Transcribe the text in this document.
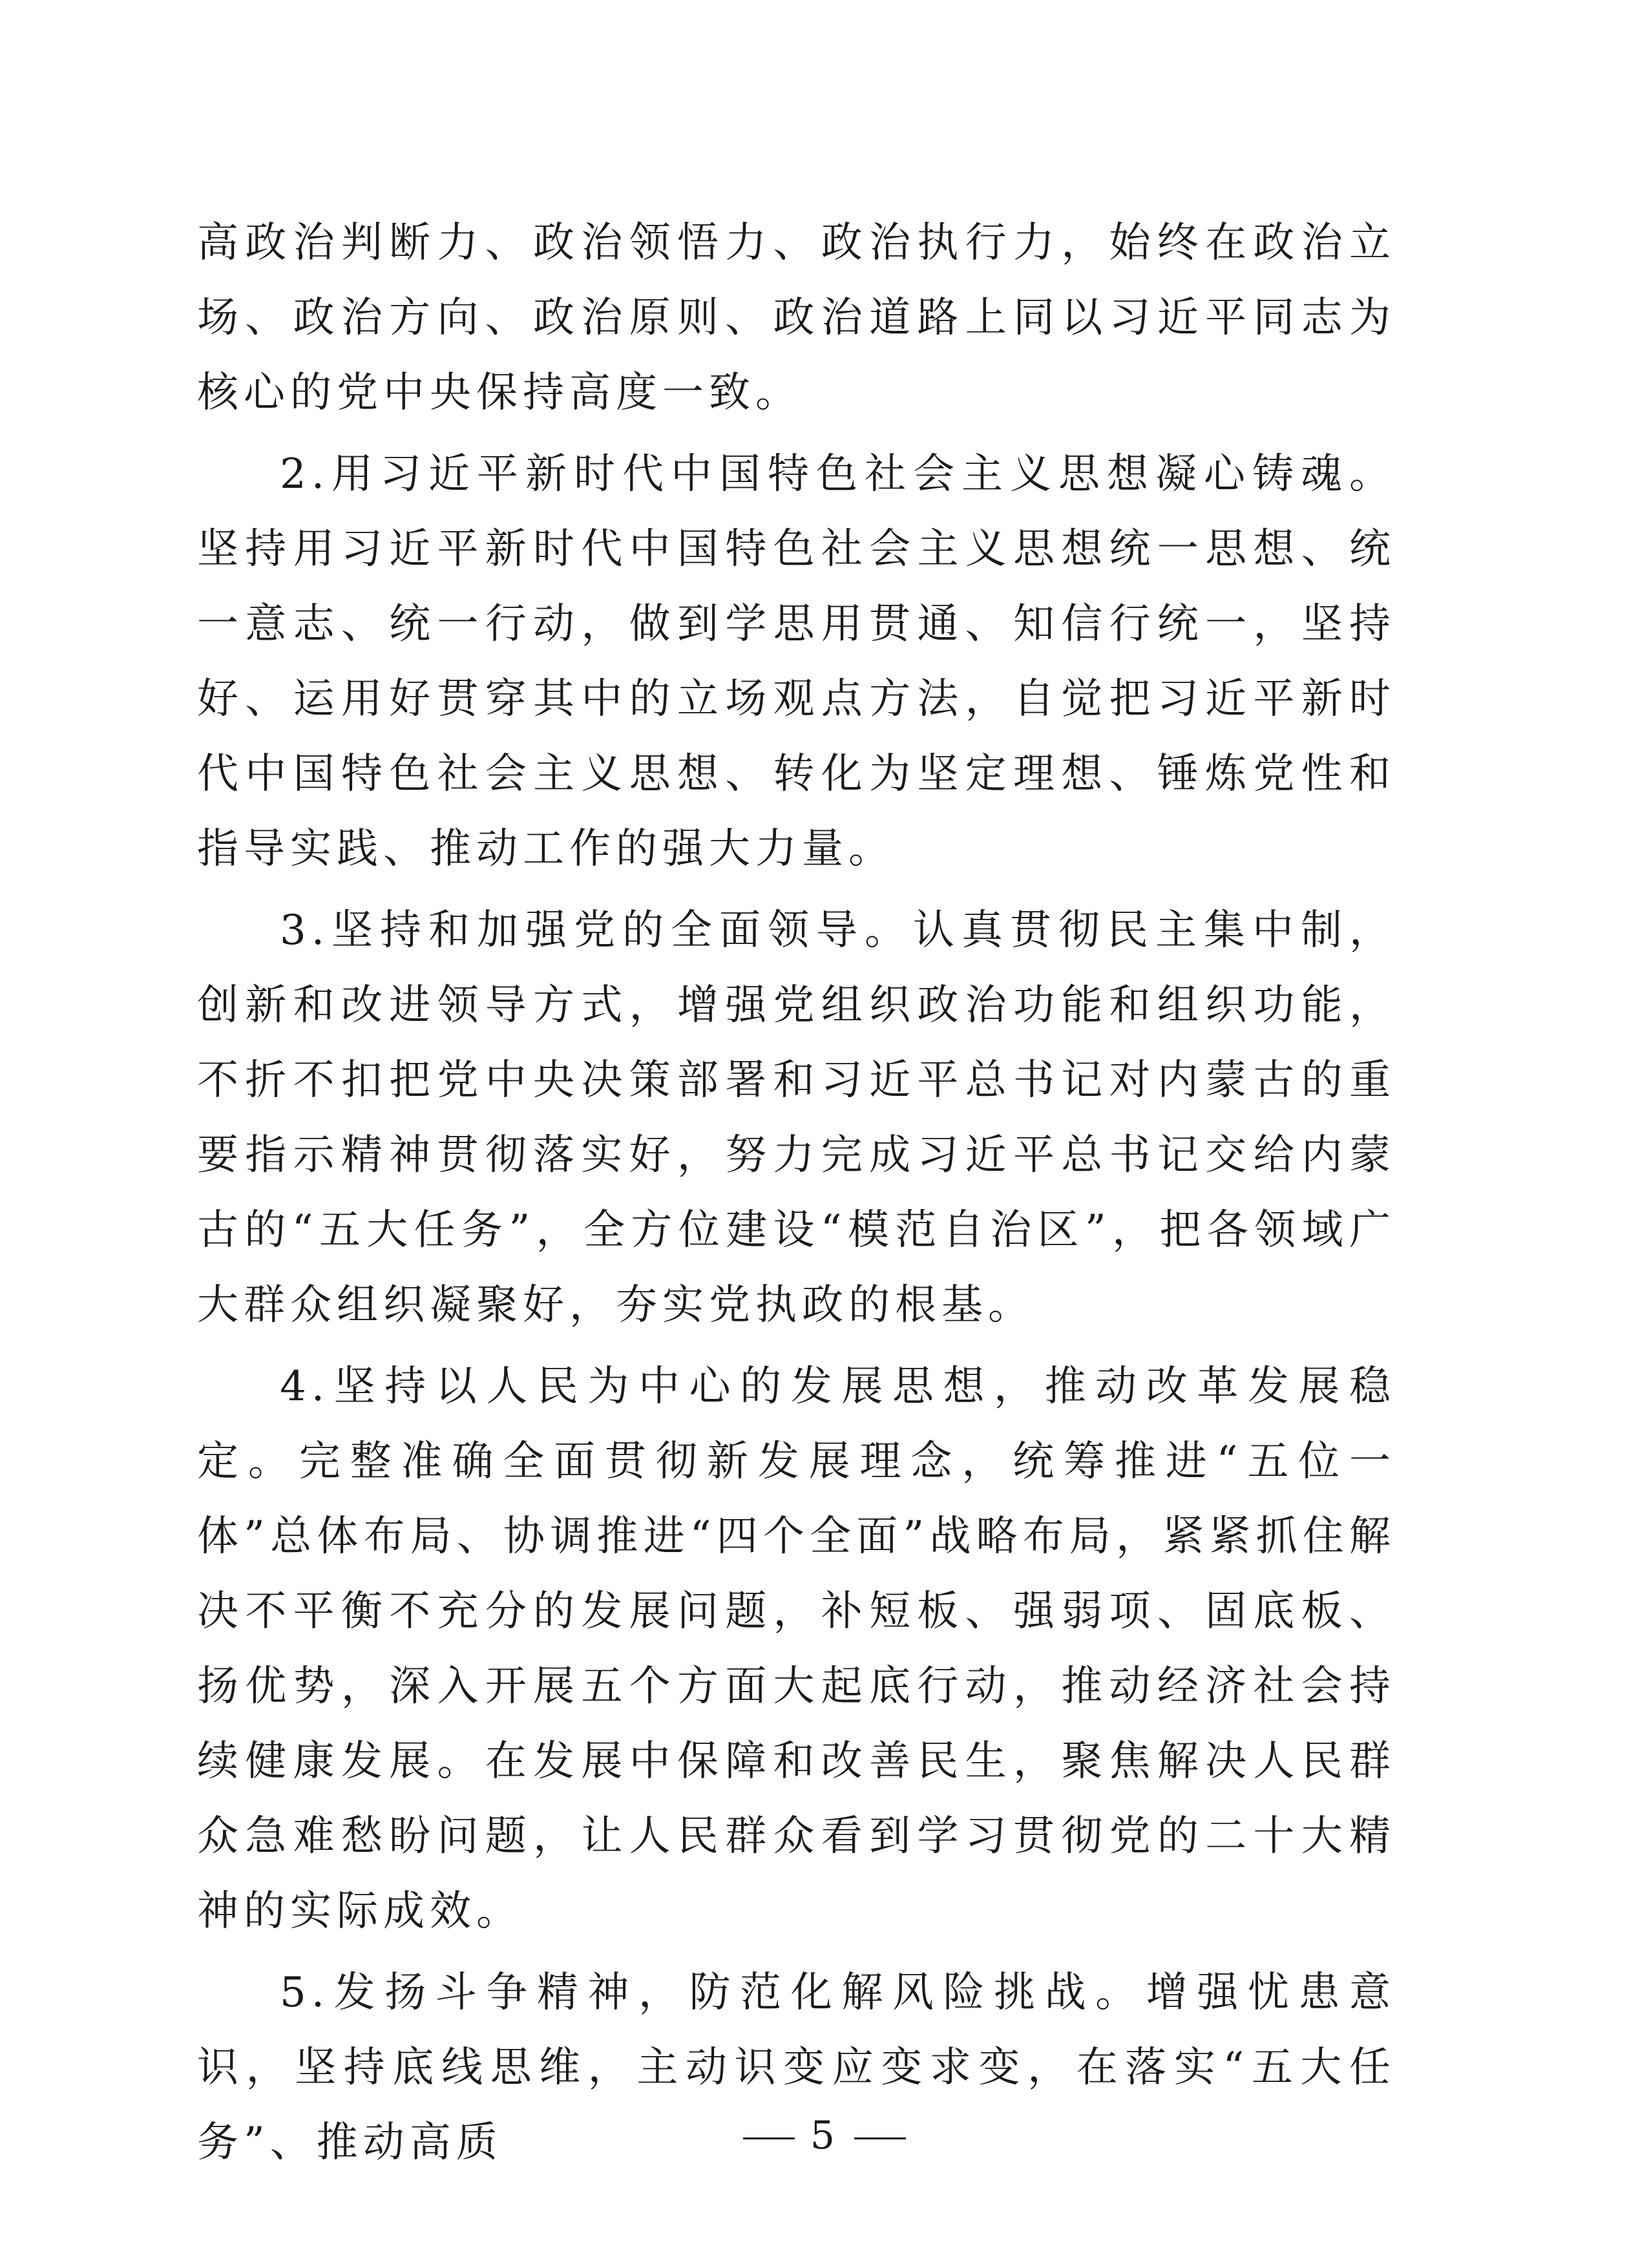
高政治判断力、政治领悟力、政治执行力，始终在政治立场、政治方向、政治原则、政治道路上同以习近平同志为核心的党中央保持高度一致。

2.用习近平新时代中国特色社会主义思想凝心铸魂。坚持用习近平新时代中国特色社会主义思想统一思想、统一意志、统一行动，做到学思用贯通、知信行统一，坚持好、运用好贯穿其中的立场观点方法，自觉把习近平新时代中国特色社会主义思想、转化为坚定理想、锤炼党性和指导实践、推动工作的强大力量。

3.坚持和加强党的全面领导。认真贯彻民主集中制，创新和改进领导方式，增强党组织政治功能和组织功能，不折不扣把党中央决策部署和习近平总书记对内蒙古的重要指示精神贯彻落实好，努力完成习近平总书记交给内蒙古的“五大任务”，全方位建设“模范自治区”，把各领域广大群众组织凝聚好，夯实党执政的根基。

4.坚持以人民为中心的发展思想，推动改革发展稳定。完整准确全面贯彻新发展理念，统筹推进“五位一体”总体布局、协调推进“四个全面”战略布局，紧紧抓住解决不平衡不充分的发展问题，补短板、强弱项、固底板、扬优势，深入开展五个方面大起底行动，推动经济社会持续健康发展。在发展中保障和改善民生，聚焦解决人民群众急难愁盼问题，让人民群众看到学习贯彻党的二十大精神的实际成效。

5.发扬斗争精神，防范化解风险挑战。增强忧患意识，坚持底线思维，主动识变应变求变，在落实“五大任务”、推动高质	5
